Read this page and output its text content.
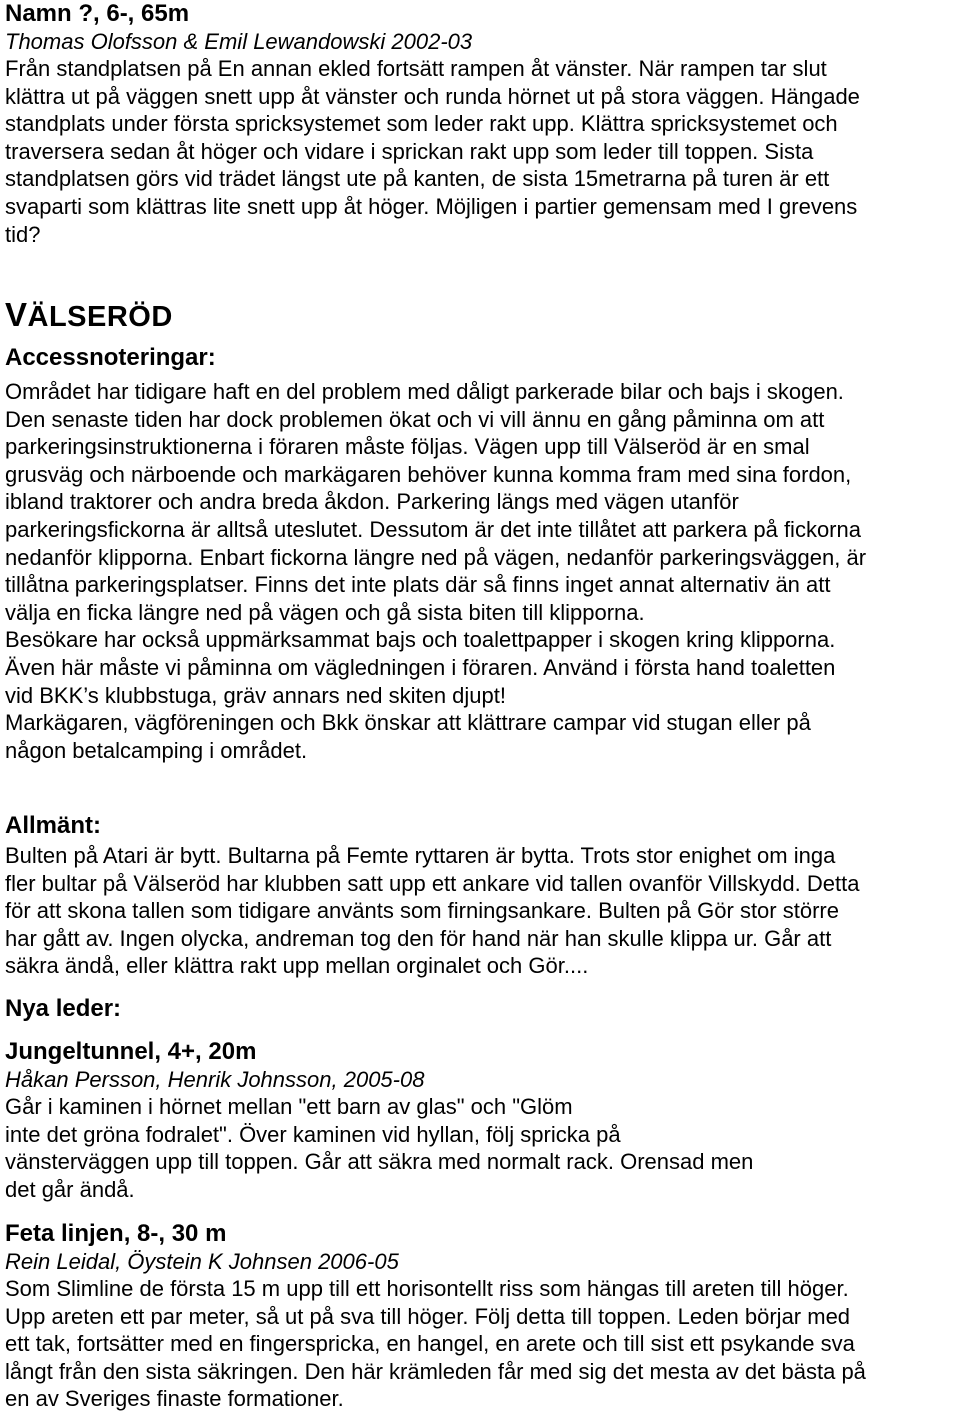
Namn ?, 6-, 65m

Thomas Olofsson & Emil Lewandowski 2002-03

Från standplatsen på En annan ekled fortsätt rampen åt vänster. När rampen tar slut
klättra ut på väggen snett upp åt vänster och runda hörnet ut på stora väggen. Hängade
standplats under första spricksystemet som leder rakt upp. Klättra spricksystemet och
traversera sedan åt höger och vidare i sprickan rakt upp som leder till toppen. Sista
standplatsen görs vid trädet längst ute på kanten, de sista 15metrarna på turen är ett
svaparti som klättras lite snett upp åt höger. Möjligen i partier gemensam med I grevens
tid?
VÄLSERÖD
Accessnoteringar:
Området har tidigare haft en del problem med dåligt parkerade bilar och bajs i skogen.
Den senaste tiden har dock problemen ökat och vi vill ännu en gång påminna om att
parkeringsinstruktionerna i föraren måste följas. Vägen upp till Välseröd är en smal
grusväg och närboende och markägaren behöver kunna komma fram med sina fordon,
ibland traktorer och andra breda åkdon. Parkering längs med vägen utanför
parkeringsfickorna är alltså uteslutet. Dessutom är det inte tillåtet att parkera på fickorna
nedanför klipporna. Enbart fickorna längre ned på vägen, nedanför parkeringsväggen, är
tillåtna parkeringsplatser. Finns det inte plats där så finns inget annat alternativ än att
välja en ficka längre ned på vägen och gå sista biten till klipporna.
Besökare har också uppmärksammat bajs och toalettpapper i skogen kring klipporna.
Även här måste vi påminna om vägledningen i föraren. Använd i första hand toaletten
vid BKK’s klubbstuga, gräv annars ned skiten djupt!
Markägaren, vägföreningen och Bkk önskar att klättrare campar vid stugan eller på
någon betalcamping i området.
Allmänt:
Bulten på Atari är bytt. Bultarna på Femte ryttaren är bytta. Trots stor enighet om inga
fler bultar på Välseröd har klubben satt upp ett ankare vid tallen ovanför Villskydd. Detta
för att skona tallen som tidigare använts som firningsankare. Bulten på Gör stor större
har gått av. Ingen olycka, andreman tog den för hand när han skulle klippa ur. Går att
säkra ändå, eller klättra rakt upp mellan orginalet och Gör....
Nya leder:
Jungeltunnel, 4+, 20m

Håkan Persson, Henrik Johnsson, 2005-08

Går i kaminen i hörnet mellan "ett barn av glas" och "Glöm
inte det gröna fodralet". Över kaminen vid hyllan, följ spricka på
vänsterväggen upp till toppen. Går att säkra med normalt rack. Orensad men
det går ändå.
Feta linjen, 8-, 30 m

Rein Leidal, Öystein K Johnsen 2006-05

Som Slimline de första 15 m upp till ett horisontellt riss som hängas till areten till höger.
Upp areten ett par meter, så ut på sva till höger. Följ detta till toppen. Leden börjar med
ett tak, fortsätter med en fingerspricka, en hangel, en arete och till sist ett psykande sva
långt från den sista säkringen. Den här krämleden får med sig det mesta av det bästa på
en av Sveriges finaste formationer.
